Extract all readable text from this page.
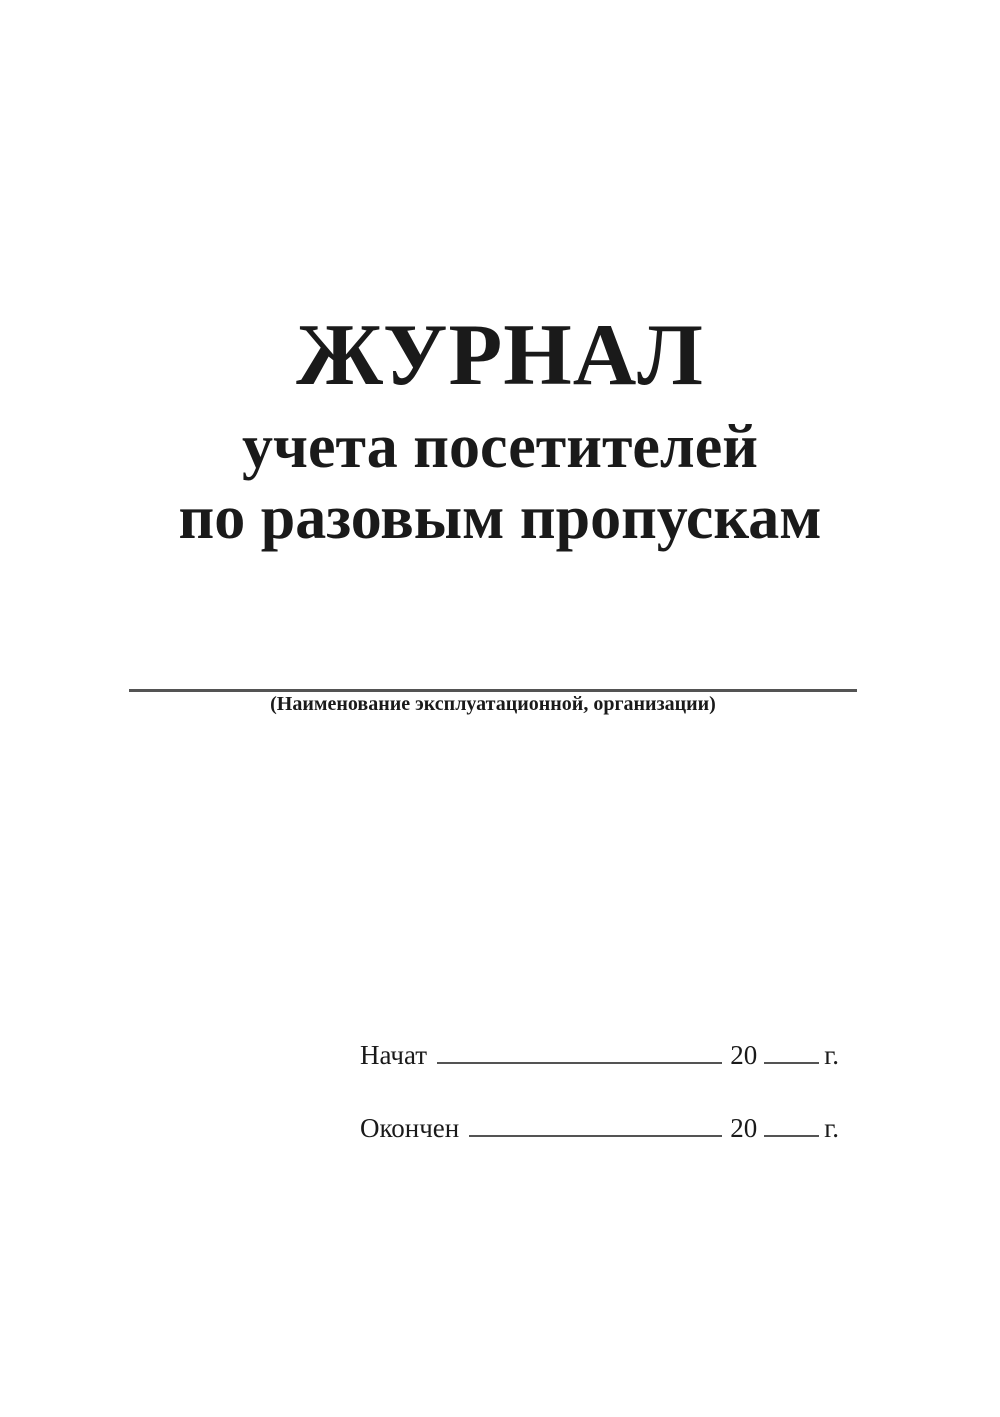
ЖУРНАЛ
учета посетителей
по разовым пропускам
(Наименование эксплуатационной, организации)
Начат	20 г.
Окончен	20 г.
